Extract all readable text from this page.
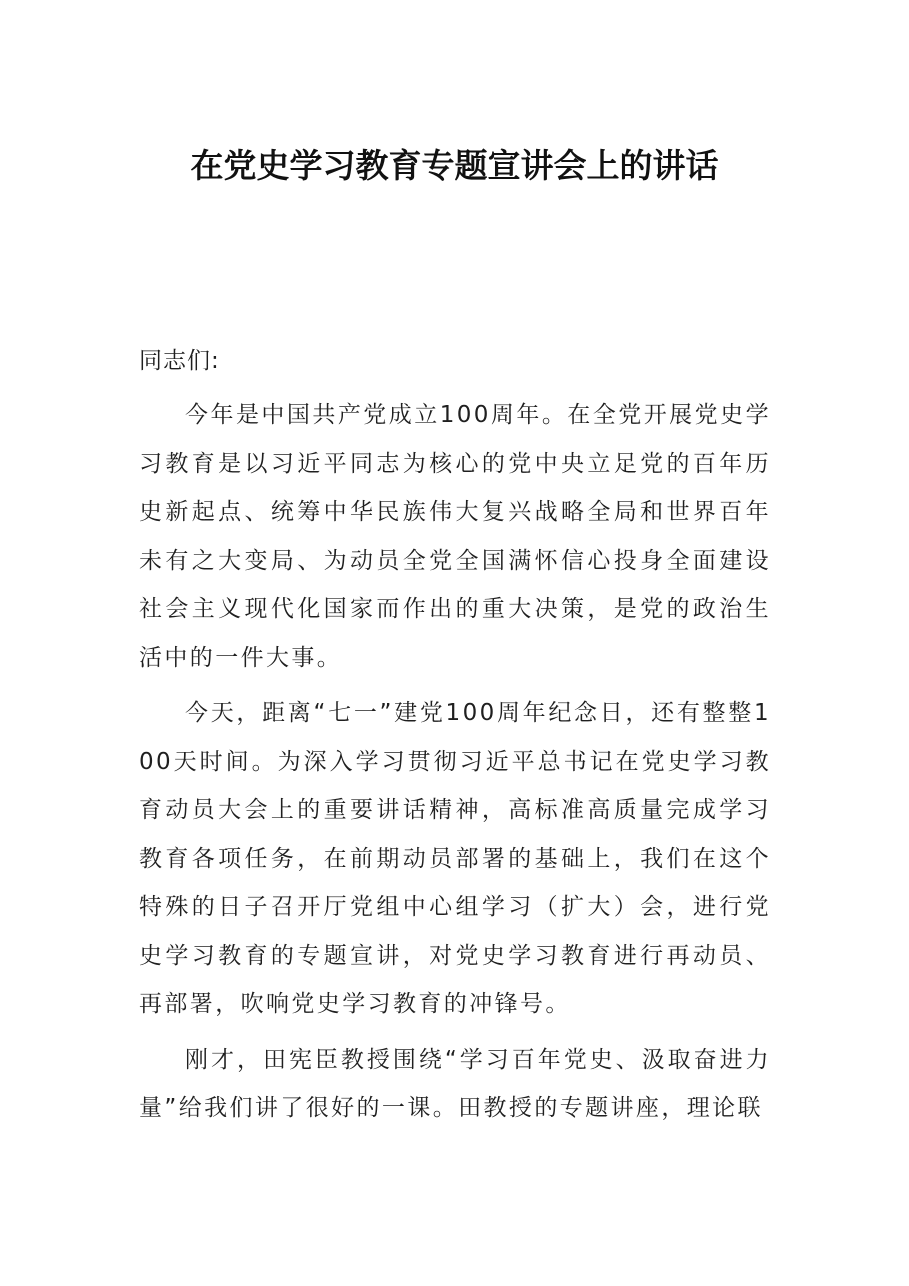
在党史学习教育专题宣讲会上的讲话

同志们:

今年是中国共产党成立100周年。在全党开展党史学习教育是以习近平同志为核心的党中央立足党的百年历史新起点、统筹中华民族伟大复兴战略全局和世界百年未有之大变局、为动员全党全国满怀信心投身全面建设社会主义现代化国家而作出的重大决策，是党的政治生活中的一件大事。

今天，距离“七一”建党100周年纪念日，还有整整100天时间。为深入学习贯彻习近平总书记在党史学习教育动员大会上的重要讲话精神，高标准高质量完成学习教育各项任务，在前期动员部署的基础上，我们在这个特殊的日子召开厅党组中心组学习（扩大）会，进行党史学习教育的专题宣讲，对党史学习教育进行再动员、再部署，吹响党史学习教育的冲锋号。

刚才，田宪臣教授围绕“学习百年党史、汲取奋进力量”给我们讲了很好的一课。田教授的专题讲座，理论联
